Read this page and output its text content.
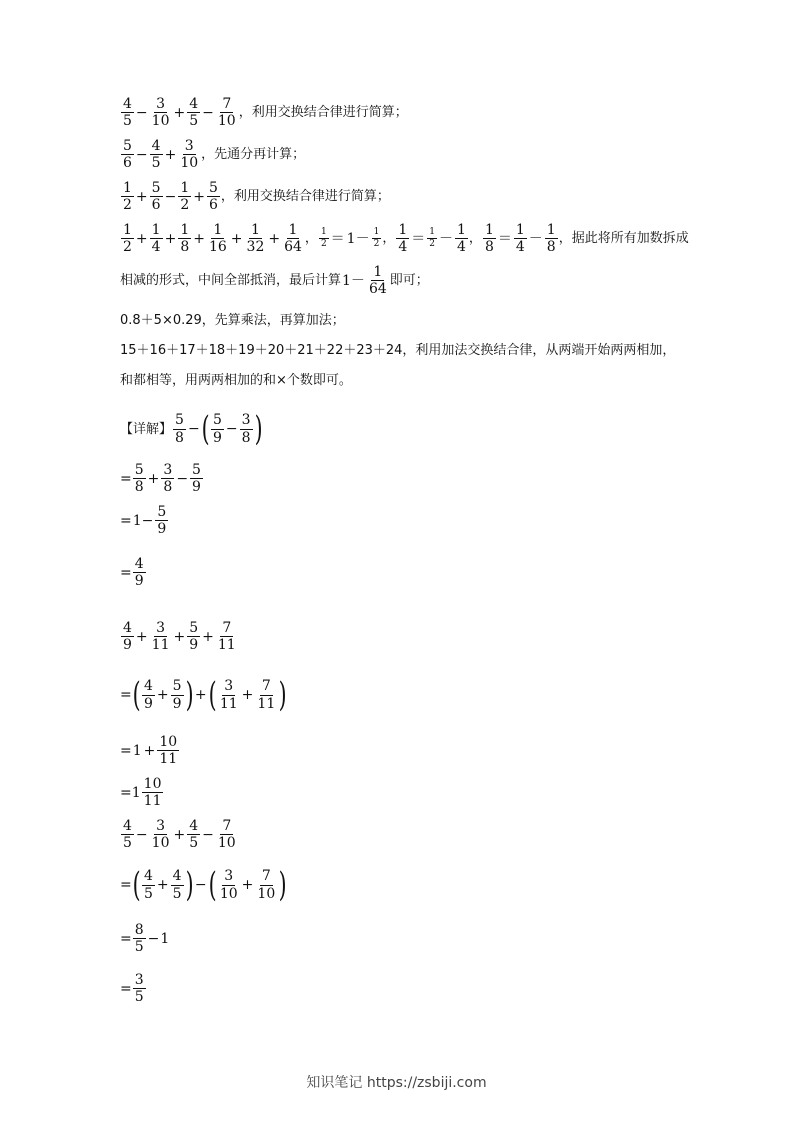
$\frac{4}{5} - \frac{3}{10} + \frac{4}{5} - \frac{7}{10}$ ，利用交换结合律进行简算；
$\frac{5}{6} - \frac{4}{5} + \frac{3}{10}$ ，先通分再计算；
$\frac{1}{2} + \frac{5}{6} - \frac{1}{2} + \frac{5}{6}$ ，利用交换结合律进行简算；
$\frac{1}{2} + \frac{1}{4} + \frac{1}{8} + \frac{1}{16} + \frac{1}{32} + \frac{1}{64}$ ， $\frac{1}{2} = 1- \frac{1}{2}$ ， $\frac{1}{4} = \frac{1}{2} - \frac{1}{4}$ ， $\frac{1}{8} = \frac{1}{4} - \frac{1}{8}$ ，据此将所有加数拆成
相减的形式，中间全部抵消，最后计算 $1- \frac{1}{64}$ 即可；
0.8＋5×0.29，先算乘法，再算加法；
15＋16＋17＋18＋19＋20＋21＋22＋23＋24，利用加法交换结合律，从两端开始两两相加，
和都相等，用两两相加的和×个数即可。
【详解】 $\frac{5}{8}$ − ( $\frac{5}{9} - \frac{3}{8}$ )
= $\frac{5}{8} + \frac{3}{8} - \frac{5}{9}$
= $1- \frac{5}{9}$
= $\frac{4}{9}$
$\frac{4}{9} + \frac{3}{11} + \frac{5}{9} + \frac{7}{11}$
= ( $\frac{4}{9} + \frac{5}{9}$ ) + ( $\frac{3}{11} + \frac{7}{11}$ )
= $1 + \frac{10}{11}$
= $1 \frac{10}{11}$
$\frac{4}{5} - \frac{3}{10} + \frac{4}{5} - \frac{7}{10}$
= ( $\frac{4}{5} + \frac{4}{5}$ ) − ( $\frac{3}{10} + \frac{7}{10}$ )
= $\frac{8}{5} - 1$
= $\frac{3}{5}$
知识笔记 https://zsbiji.com
